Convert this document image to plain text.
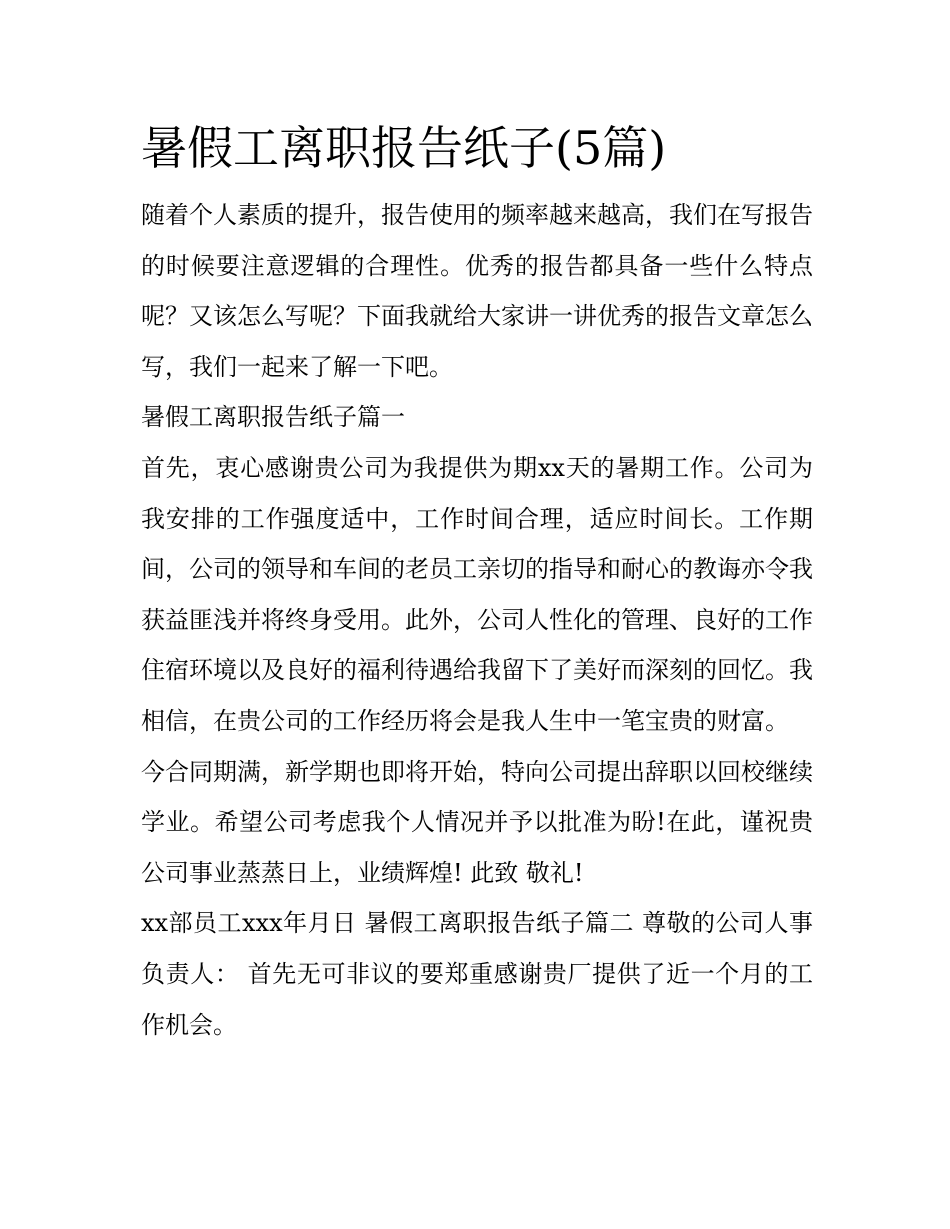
暑假工离职报告纸子(5篇)

随着个人素质的提升，报告使用的频率越来越高，我们在写报告的时候要注意逻辑的合理性。优秀的报告都具备一些什么特点呢？又该怎么写呢？下面我就给大家讲一讲优秀的报告文章怎么写，我们一起来了解一下吧。

暑假工离职报告纸子篇一

首先，衷心感谢贵公司为我提供为期xx天的暑期工作。公司为我安排的工作强度适中，工作时间合理，适应时间长。工作期间，公司的领导和车间的老员工亲切的指导和耐心的教诲亦令我获益匪浅并将终身受用。此外，公司人性化的管理、良好的工作住宿环境以及良好的福利待遇给我留下了美好而深刻的回忆。我相信，在贵公司的工作经历将会是我人生中一笔宝贵的财富。

今合同期满，新学期也即将开始，特向公司提出辞职以回校继续学业。希望公司考虑我个人情况并予以批准为盼!在此，谨祝贵公司事业蒸蒸日上，业绩辉煌! 此致 敬礼!

xx部员工xxx年月日 暑假工离职报告纸子篇二 尊敬的公司人事负责人： 首先无可非议的要郑重感谢贵厂提供了近一个月的工作机会。
